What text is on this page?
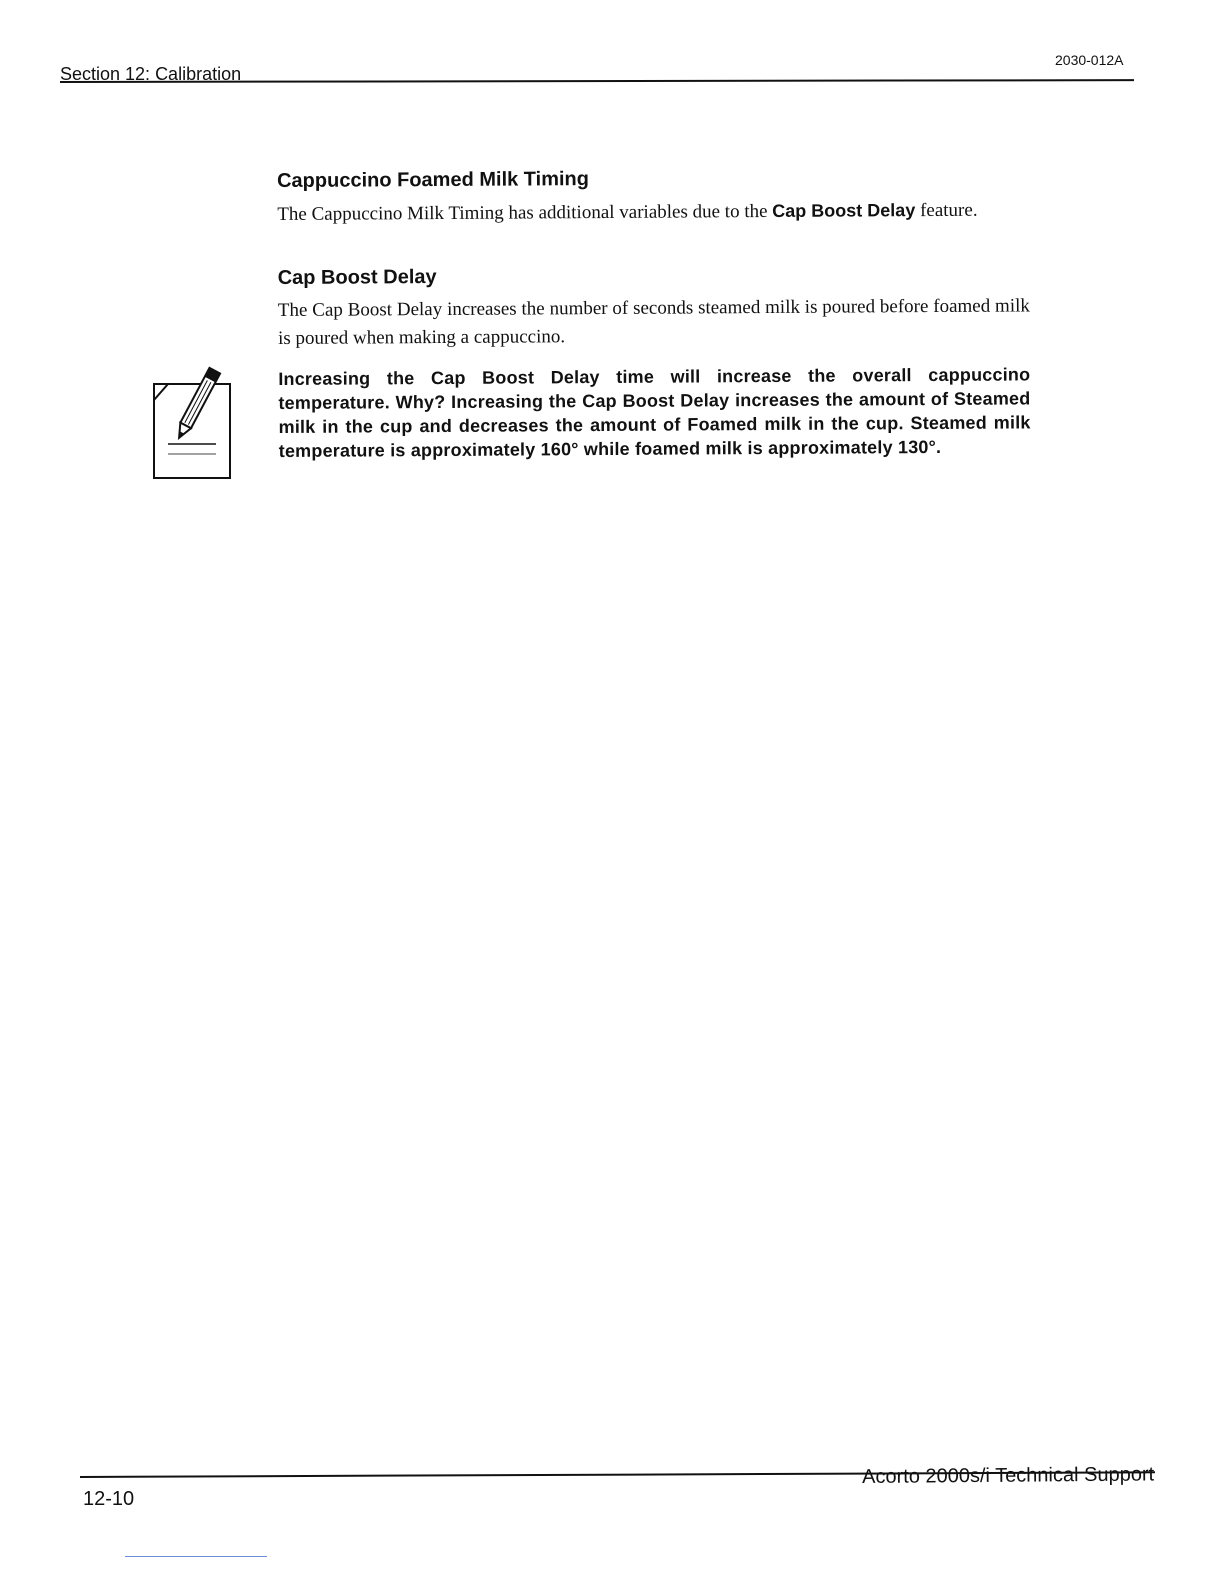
Section 12: Calibration
2030-012A
Cappuccino Foamed Milk Timing

The Cappuccino Milk Timing has additional variables due to the Cap Boost Delay feature.

Cap Boost Delay

The Cap Boost Delay increases the number of seconds steamed milk is poured before foamed milk is poured when making a cappuccino.

Increasing the Cap Boost Delay time will increase the overall cappuccino temperature. Why? Increasing the Cap Boost Delay increases the amount of Steamed milk in the cup and decreases the amount of Foamed milk in the cup. Steamed milk temperature is approximately 160° while foamed milk is approximately 130°.

12-10
Acorto 2000s/i Technical Support
